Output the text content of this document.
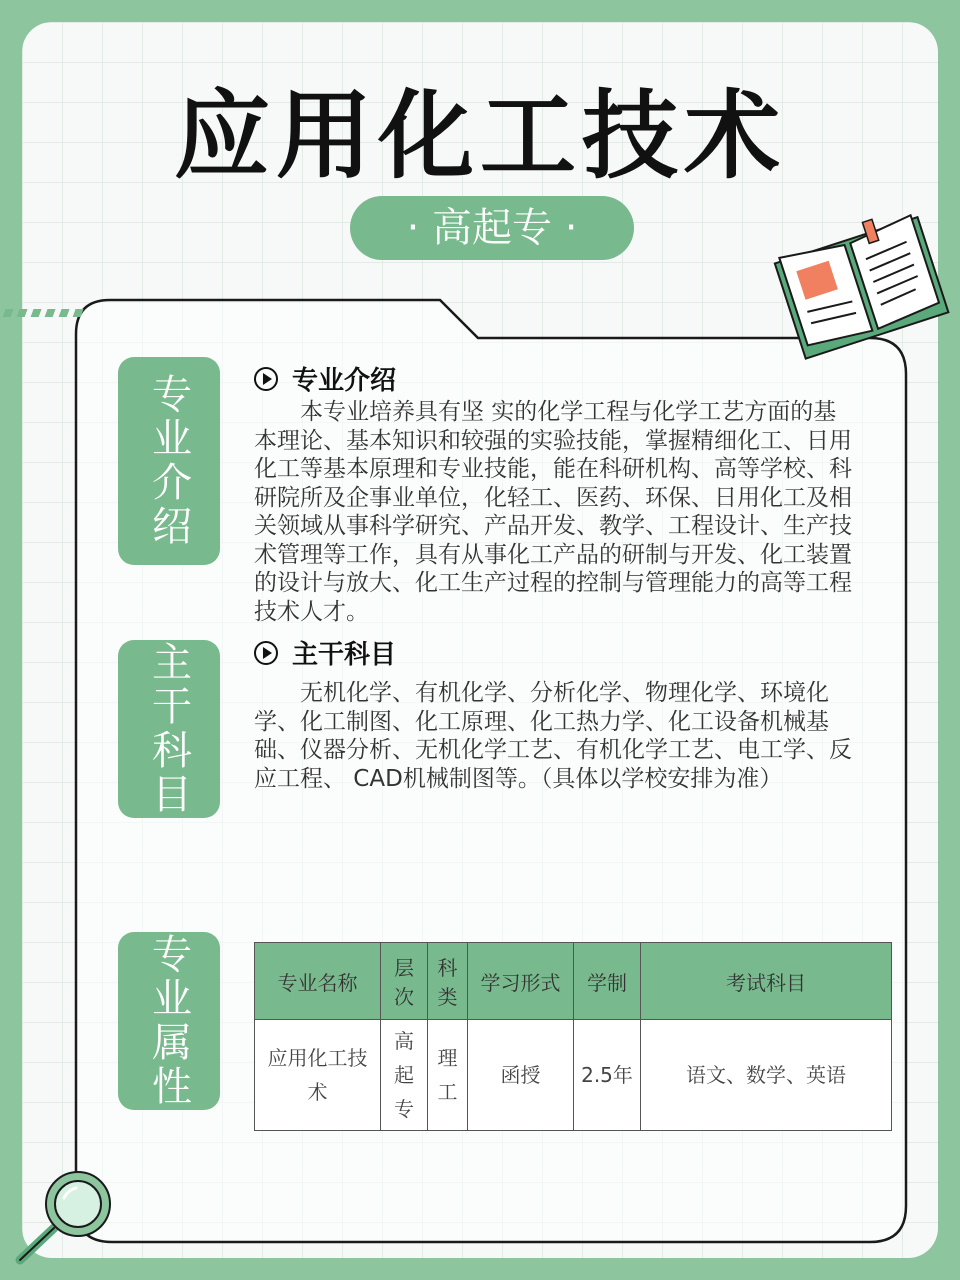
应用化工技术
· 高起专 ·
专业介绍
主干科目
专业属性
专业介绍

本专业培养具有坚 实的化学工程与化学工艺方面的基本理论、基本知识和较强的实验技能，掌握精细化工、日用化工等基本原理和专业技能，能在科研机构、高等学校、科研院所及企事业单位，化轻工、医药、环保、日用化工及相关领域从事科学研究、产品开发、教学、工程设计、生产技术管理等工作，具有从事化工产品的研制与开发、化工装置的设计与放大、化工生产过程的控制与管理能力的高等工程技术人才。

主干科目

无机化学、有机化学、分析化学、物理化学、环境化学、化工制图、化工原理、化工热力学、化工设备机械基础、仪器分析、无机化学工艺、有机化学工艺、电工学、反应工程、 CAD机械制图等。（具体以学校安排为准）

专业名称	层次	科类	学习形式	学制	考试科目
应用化工技术	高起专	理工	函授	2.5年	语文、数学、英语
